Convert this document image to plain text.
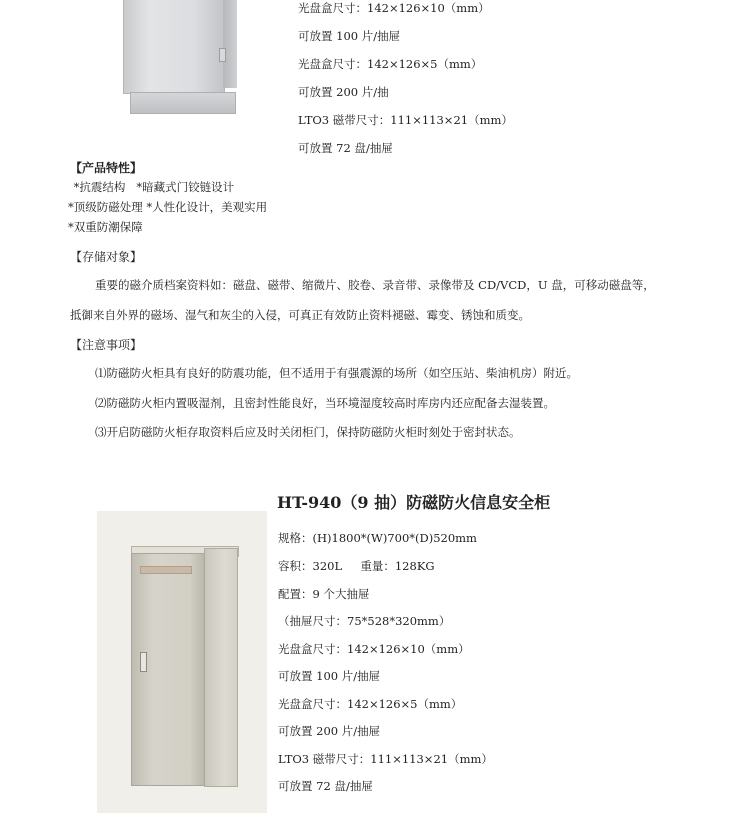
光盘盒尺寸：142×126×10（mm）
可放置 100 片/抽屉
光盘盒尺寸：142×126×5（mm）
可放置 200 片/抽
LTO3 磁带尺寸：111×113×21（mm）
可放置 72 盘/抽屉
【产品特性】
*抗震结构   *暗藏式门铰链设计
*顶级防磁处理 *人性化设计，美观实用
*双重防潮保障
【存储对象】
重要的磁介质档案资料如：磁盘、磁带、缩微片、胶卷、录音带、录像带及 CD/VCD，U 盘，可移动磁盘等，
抵御来自外界的磁场、湿气和灰尘的入侵，可真正有效防止资料褪磁、霉变、锈蚀和质变。
【注意事项】
⑴防磁防火柜具有良好的防震功能，但不适用于有强震源的场所（如空压站、柴油机房）附近。
⑵防磁防火柜内置吸湿剂，且密封性能良好，当环境湿度较高时库房内还应配备去湿装置。
⑶开启防磁防火柜存取资料后应及时关闭柜门，保持防磁防火柜时刻处于密封状态。
HT-940（9 抽）防磁防火信息安全柜
规格：(H)1800*(W)700*(D)520mm
容积：320L     重量：128KG
配置：9 个大抽屉
（抽屉尺寸：75*528*320mm）
光盘盒尺寸：142×126×10（mm）
可放置 100 片/抽屉
光盘盒尺寸：142×126×5（mm）
可放置 200 片/抽屉
LTO3 磁带尺寸：111×113×21（mm）
可放置 72 盘/抽屉
